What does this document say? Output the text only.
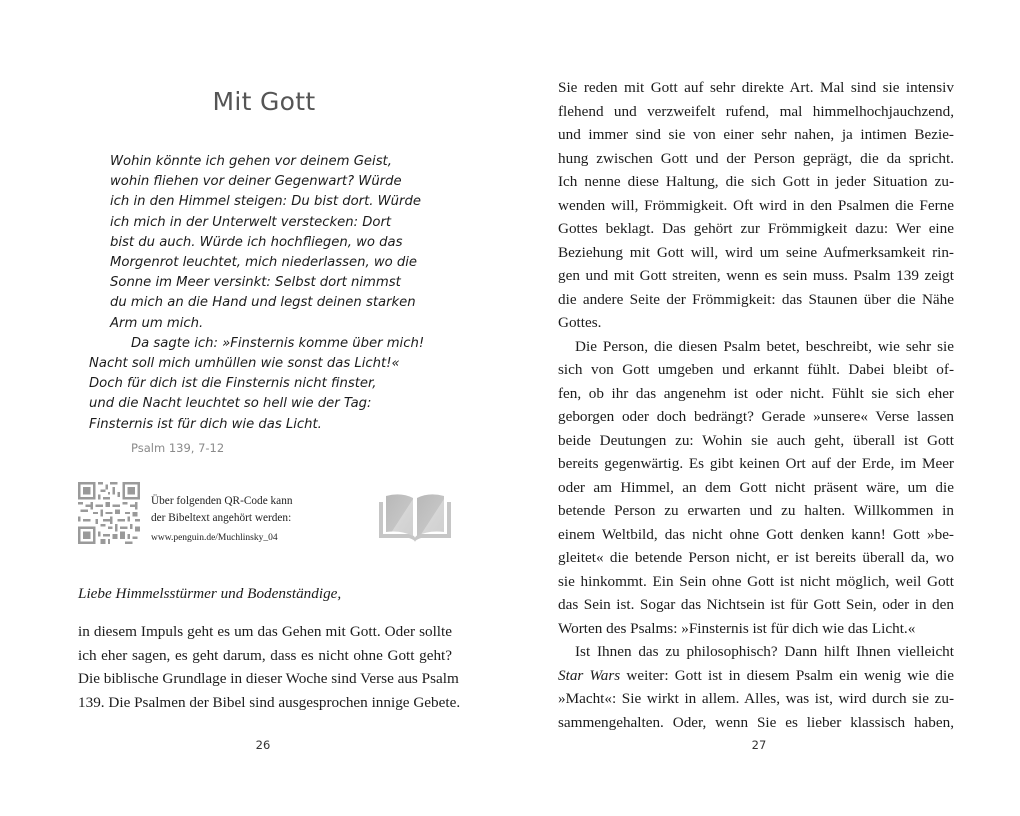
Mit Gott

Wohin könnte ich gehen vor deinem Geist,
wohin fliehen vor deiner Gegenwart? Würde
ich in den Himmel steigen: Du bist dort. Würde
ich mich in der Unterwelt verstecken: Dort
bist du auch. Würde ich hochfliegen, wo das
Morgenrot leuchtet, mich niederlassen, wo die
Sonne im Meer versinkt: Selbst dort nimmst
du mich an die Hand und legst deinen starken
Arm um mich.

Da sagte ich: »Finsternis komme über mich!
Nacht soll mich umhüllen wie sonst das Licht!«
Doch für dich ist die Finsternis nicht finster,
und die Nacht leuchtet so hell wie der Tag:
Finsternis ist für dich wie das Licht.

Psalm 139, 7-12
Über folgenden QR-Code kann
der Bibeltext angehört werden:
www.penguin.de/Muchlinsky_04
Liebe Himmelsstürmer und Bodenständige,
in diesem Impuls geht es um das Gehen mit Gott. Oder sollte
ich eher sagen, es geht darum, dass es nicht ohne Gott geht?
Die biblische Grundlage in dieser Woche sind Verse aus Psalm
139. Die Psalmen der Bibel sind ausgesprochen innige Gebete.
26
Sie reden mit Gott auf sehr direkte Art. Mal sind sie intensiv
flehend und verzweifelt rufend, mal himmelhochjauchzend,
und immer sind sie von einer sehr nahen, ja intimen Bezie-
hung zwischen Gott und der Person geprägt, die da spricht.
Ich nenne diese Haltung, die sich Gott in jeder Situation zu-
wenden will, Frömmigkeit. Oft wird in den Psalmen die Ferne
Gottes beklagt. Das gehört zur Frömmigkeit dazu: Wer eine
Beziehung mit Gott will, wird um seine Aufmerksamkeit rin-
gen und mit Gott streiten, wenn es sein muss. Psalm 139 zeigt
die andere Seite der Frömmigkeit: das Staunen über die Nähe
Gottes.
Die Person, die diesen Psalm betet, beschreibt, wie sehr sie
sich von Gott umgeben und erkannt fühlt. Dabei bleibt of-
fen, ob ihr das angenehm ist oder nicht. Fühlt sie sich eher
geborgen oder doch bedrängt? Gerade »unsere« Verse lassen
beide Deutungen zu: Wohin sie auch geht, überall ist Gott
bereits gegenwärtig. Es gibt keinen Ort auf der Erde, im Meer
oder am Himmel, an dem Gott nicht präsent wäre, um die
betende Person zu erwarten und zu halten. Willkommen in
einem Weltbild, das nicht ohne Gott denken kann! Gott »be-
gleitet« die betende Person nicht, er ist bereits überall da, wo
sie hinkommt. Ein Sein ohne Gott ist nicht möglich, weil Gott
das Sein ist. Sogar das Nichtsein ist für Gott Sein, oder in den
Worten des Psalms: »Finsternis ist für dich wie das Licht.«
Ist Ihnen das zu philosophisch? Dann hilft Ihnen vielleicht
Star Wars weiter: Gott ist in diesem Psalm ein wenig wie die
»Macht«: Sie wirkt in allem. Alles, was ist, wird durch sie zu-
sammengehalten. Oder, wenn Sie es lieber klassisch haben,
27
